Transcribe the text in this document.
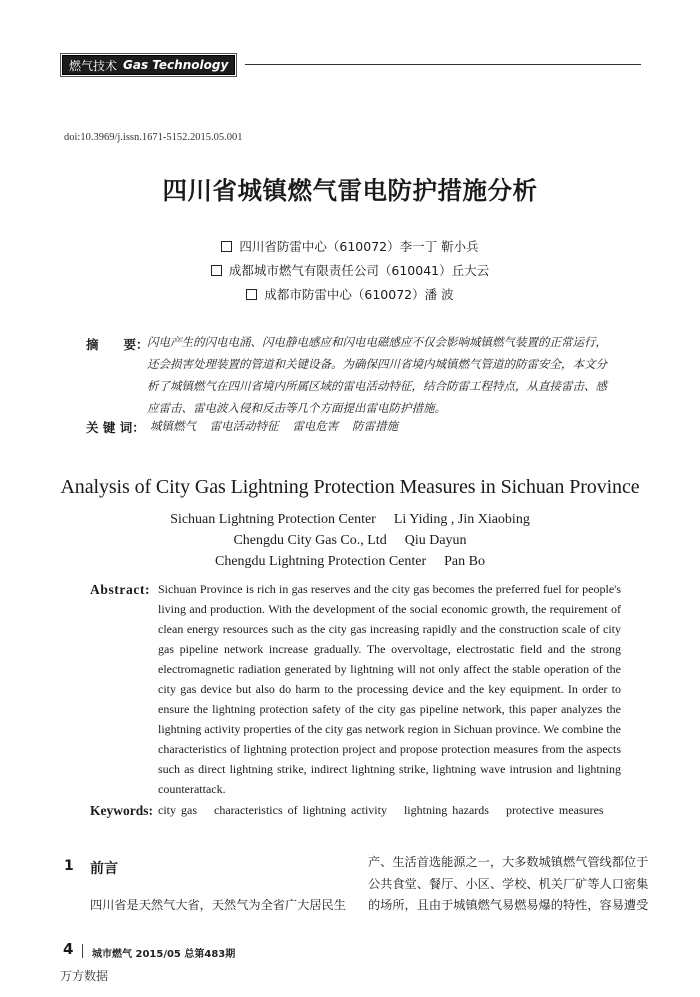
燃气技术 Gas Technology
doi:10.3969/j.issn.1671-5152.2015.05.001
四川省城镇燃气雷电防护措施分析
四川省防雷中心（610072）李一丁 靳小兵
成都城市燃气有限责任公司（610041）丘大云
成都市防雷中心（610072）潘 波
摘　　要：
闪电产生的闪电电涌、闪电静电感应和闪电电磁感应不仅会影响城镇燃气装置的正常运行，还会损害处理装置的管道和关键设备。为确保四川省境内城镇燃气管道的防雷安全，本文分析了城镇燃气在四川省境内所属区域的雷电活动特征，结合防雷工程特点，从直接雷击、感应雷击、雷电波入侵和反击等几个方面提出雷电防护措施。
关 键 词： 城镇燃气 雷电活动特征 雷电危害 防雷措施
Analysis of City Gas Lightning Protection Measures in Sichuan Province
Sichuan Lightning Protection Center Li Yiding , Jin Xiaobing
Chengdu City Gas Co., Ltd Qiu Dayun
Chengdu Lightning Protection Center Pan Bo
Abstract: Sichuan Province is rich in gas reserves and the city gas becomes the preferred fuel for people's living and production. With the development of the social economic growth, the requirement of clean energy resources such as the city gas increasing rapidly and the construction scale of city gas pipeline network increase gradually. The overvoltage, electrostatic field and the strong electromagnetic radiation generated by lightning will not only affect the stable operation of the city gas device but also do harm to the processing device and the key equipment. In order to ensure the lightning protection safety of the city gas pipeline network, this paper analyzes the lightning activity properties of the city gas network region in Sichuan province. We combine the characteristics of lightning protection project and propose protection measures from the aspects such as direct lightning strike, indirect lightning strike, lightning wave intrusion and lightning counterattack.
Keywords: city gas characteristics of lightning activity lightning hazards protective measures
1 前言
四川省是天然气大省，天然气为全省广大居民生
产、生活首选能源之一，大多数城镇燃气管线都位于公共食堂、餐厅、小区、学校、机关厂矿等人口密集的场所，且由于城镇燃气易燃易爆的特性，容易遭受
4 城市燃气 2015/05 总第483期
万方数据
